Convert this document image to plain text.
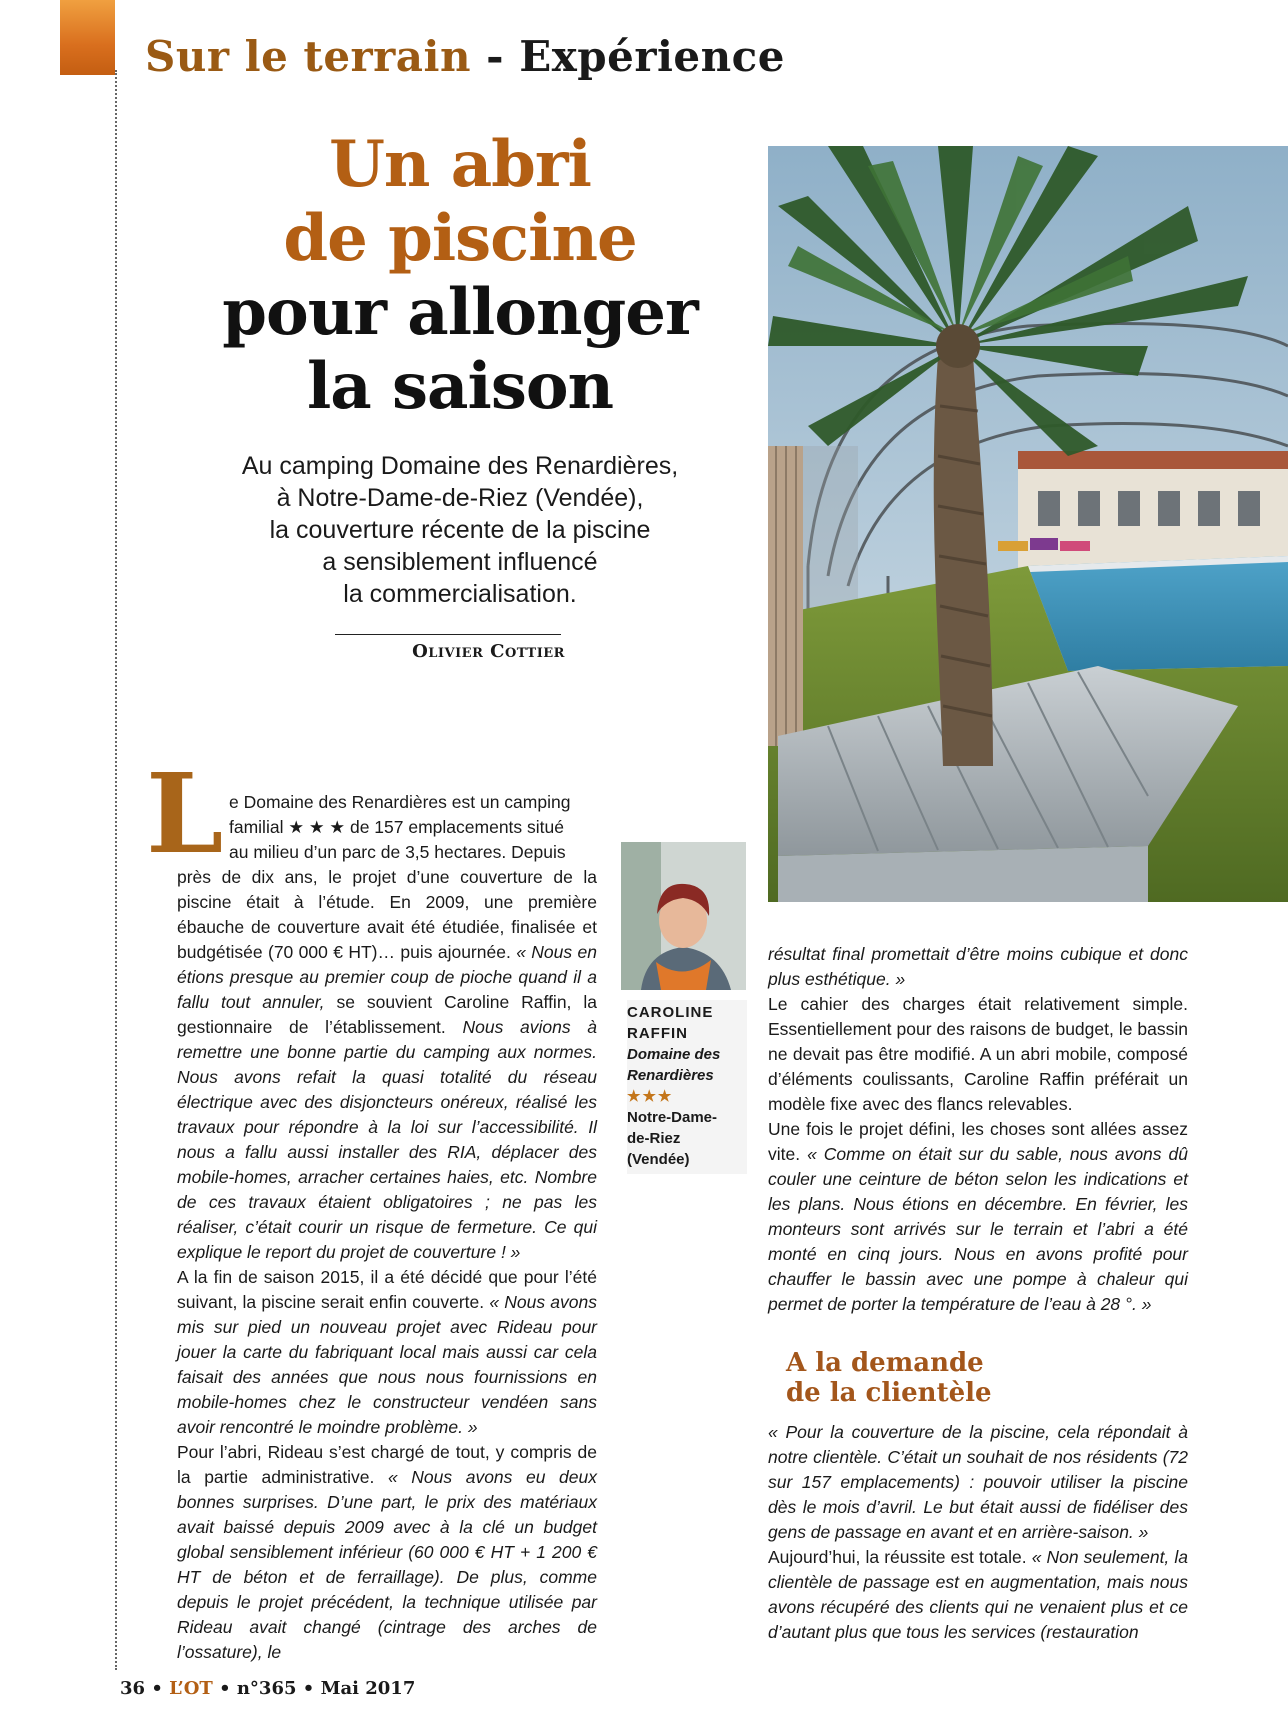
Sur le terrain - Expérience
Un abri
de piscine
pour allonger
la saison
Au camping Domaine des Renardières,
à Notre-Dame-de-Riez (Vendée),
la couverture récente de la piscine
a sensiblement influencé
la commercialisation.
Olivier Cottier
L e Domaine des Renardières est un camping

familial ★ ★ ★ de 157 emplacements situé

au milieu d’un parc de 3,5 hectares. Depuis

près de dix ans, le projet d’une couverture de la piscine était à l’étude. En 2009, une première ébauche de couverture avait été étudiée, finalisée et budgétisée (70 000 € HT)… puis ajournée. « Nous en étions presque au premier coup de pioche quand il a fallu tout annuler, se souvient Caroline Raffin, la gestionnaire de l’établissement. Nous avions à remettre une bonne partie du camping aux normes. Nous avons refait la quasi totalité du réseau électrique avec des disjoncteurs onéreux, réalisé les travaux pour répondre à la loi sur l’accessibilité. Il nous a fallu aussi installer des RIA, déplacer des mobile-homes, arracher certaines haies, etc. Nombre de ces travaux étaient obligatoires ; ne pas les réaliser, c’était courir un risque de fermeture. Ce qui explique le report du projet de couverture ! »

A la fin de saison 2015, il a été décidé que pour l’été suivant, la piscine serait enfin couverte. « Nous avons mis sur pied un nouveau projet avec Rideau pour jouer la carte du fabriquant local mais aussi car cela faisait des années que nous nous fournissions en mobile-homes chez le constructeur vendéen sans avoir rencontré le moindre problème. »

Pour l’abri, Rideau s’est chargé de tout, y compris de la partie administrative. « Nous avons eu deux bonnes surprises. D’une part, le prix des matériaux avait baissé depuis 2009 avec à la clé un budget global sensiblement inférieur (60 000 € HT + 1 200 € HT de béton et de ferraillage). De plus, comme depuis le projet précédent, la technique utilisée par Rideau avait changé (cintrage des arches de l’ossature), le

CAROLINE
RAFFIN
Domaine des
Renardières
★★★
Notre-Dame-
de-Riez
(Vendée)

résultat final promettait d’être moins cubique et donc plus esthétique. »

Le cahier des charges était relativement simple. Essentiellement pour des raisons de budget, le bassin ne devait pas être modifié. A un abri mobile, composé d’éléments coulissants, Caroline Raffin préférait un modèle fixe avec des flancs relevables.

Une fois le projet défini, les choses sont allées assez vite. « Comme on était sur du sable, nous avons dû couler une ceinture de béton selon les indications et les plans. Nous étions en décembre. En février, les monteurs sont arrivés sur le terrain et l’abri a été monté en cinq jours. Nous en avons profité pour chauffer le bassin avec une pompe à chaleur qui permet de porter la température de l’eau à 28 °. »

A la demande
de la clientèle

« Pour la couverture de la piscine, cela répondait à notre clientèle. C’était un souhait de nos résidents (72 sur 157 emplacements) : pouvoir utiliser la piscine dès le mois d’avril. Le but était aussi de fidéliser des gens de passage en avant et en arrière-saison. »

Aujourd’hui, la réussite est totale. « Non seulement, la clientèle de passage est en augmentation, mais nous avons récupéré des clients qui ne venaient plus et ce d’autant plus que tous les services (restauration

36 • L’OT • n°365 • Mai 2017
